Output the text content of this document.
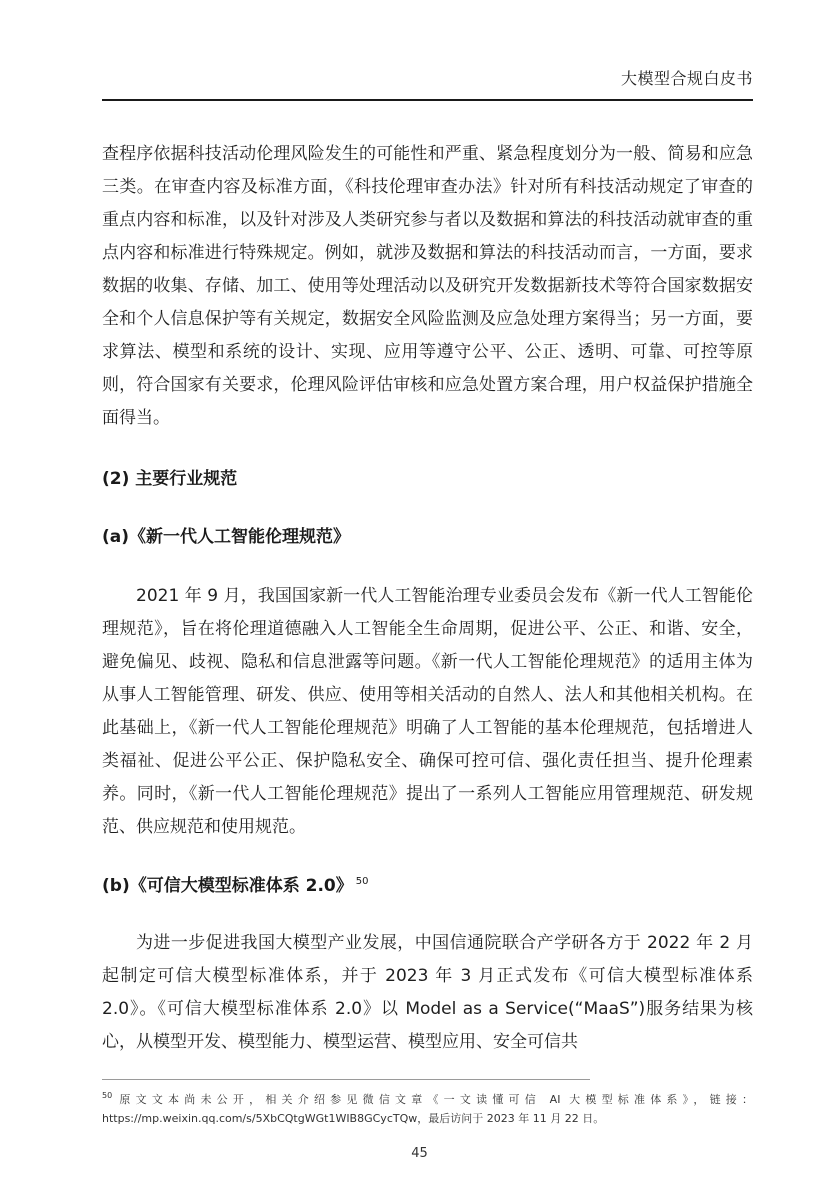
大模型合规白皮书

查程序依据科技活动伦理风险发生的可能性和严重、紧急程度划分为一般、简易和应急三类。在审查内容及标准方面，《科技伦理审查办法》针对所有科技活动规定了审查的重点内容和标准，以及针对涉及人类研究参与者以及数据和算法的科技活动就审查的重点内容和标准进行特殊规定。例如，就涉及数据和算法的科技活动而言，一方面，要求数据的收集、存储、加工、使用等处理活动以及研究开发数据新技术等符合国家数据安全和个人信息保护等有关规定，数据安全风险监测及应急处理方案得当；另一方面，要求算法、模型和系统的设计、实现、应用等遵守公平、公正、透明、可靠、可控等原则，符合国家有关要求，伦理风险评估审核和应急处置方案合理，用户权益保护措施全面得当。

(2) 主要行业规范

(a)《新一代人工智能伦理规范》

2021 年 9 月，我国国家新一代人工智能治理专业委员会发布《新一代人工智能伦理规范》，旨在将伦理道德融入人工智能全生命周期，促进公平、公正、和谐、安全，避免偏见、歧视、隐私和信息泄露等问题。《新一代人工智能伦理规范》的适用主体为从事人工智能管理、研发、供应、使用等相关活动的自然人、法人和其他相关机构。在此基础上，《新一代人工智能伦理规范》明确了人工智能的基本伦理规范，包括增进人类福祉、促进公平公正、保护隐私安全、确保可控可信、强化责任担当、提升伦理素养。同时，《新一代人工智能伦理规范》提出了一系列人工智能应用管理规范、研发规范、供应规范和使用规范。

(b)《可信大模型标准体系 2.0》 $^{50}$

为进一步促进我国大模型产业发展，中国信通院联合产学研各方于 2022 年 2 月起制定可信大模型标准体系，并于 2023 年 3 月正式发布《可信大模型标准体系 2.0》。《可信大模型标准体系 2.0》以 Model as a Service(“MaaS”)服务结果为核心，从模型开发、模型能力、模型运营、模型应用、安全可信共

$^{50}$ 原文文本尚未公开，相关介绍参见微信文章《一文读懂可信 AI 大模型标准体系》，链接：https://mp.weixin.qq.com/s/5XbCQtgWGt1WIB8GCycTQw，最后访问于 2023 年 11 月 22 日。
45
